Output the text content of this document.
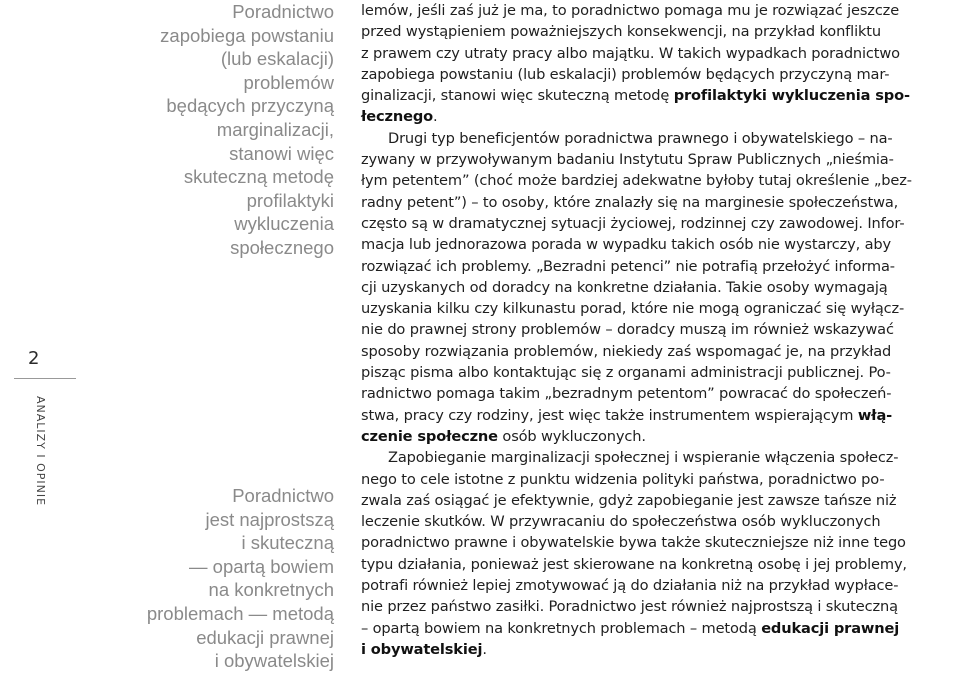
2
ANALIZY I OPINIE
Poradnictwo
zapobiega powstaniu
(lub eskalacji)
problemów
będących przyczyną
marginalizacji,
stanowi więc
skuteczną metodę
profilaktyki
wykluczenia
społecznego
Poradnictwo
jest najprostszą
i skuteczną
— opartą bowiem
na konkretnych
problemach — metodą
edukacji prawnej
i obywatelskiej
lemów, jeśli zaś już je ma, to poradnictwo pomaga mu je rozwiązać jeszcze
przed wystąpieniem poważniejszych konsekwencji, na przykład konfliktu
z prawem czy utraty pracy albo majątku. W takich wypadkach poradnictwo
zapobiega powstaniu (lub eskalacji) problemów będących przyczyną mar-
ginalizacji, stanowi więc skuteczną metodę profilaktyki wykluczenia spo-
łecznego.
Drugi typ beneficjentów poradnictwa prawnego i obywatelskiego – na-
zywany w przywoływanym badaniu Instytutu Spraw Publicznych „nieśmia-
łym petentem” (choć może bardziej adekwatne byłoby tutaj określenie „bez-
radny petent”) – to osoby, które znalazły się na marginesie społeczeństwa,
często są w dramatycznej sytuacji życiowej, rodzinnej czy zawodowej. Infor-
macja lub jednorazowa porada w wypadku takich osób nie wystarczy, aby
rozwiązać ich problemy. „Bezradni petenci” nie potrafią przełożyć informa-
cji uzyskanych od doradcy na konkretne działania. Takie osoby wymagają
uzyskania kilku czy kilkunastu porad, które nie mogą ograniczać się wyłącz-
nie do prawnej strony problemów – doradcy muszą im również wskazywać
sposoby rozwiązania problemów, niekiedy zaś wspomagać je, na przykład
pisząc pisma albo kontaktując się z organami administracji publicznej. Po-
radnictwo pomaga takim „bezradnym petentom” powracać do społeczeń-
stwa, pracy czy rodziny, jest więc także instrumentem wspierającym włą-
czenie społeczne osób wykluczonych.
Zapobieganie marginalizacji społecznej i wspieranie włączenia społecz-
nego to cele istotne z punktu widzenia polityki państwa, poradnictwo po-
zwala zaś osiągać je efektywnie, gdyż zapobieganie jest zawsze tańsze niż
leczenie skutków. W przywracaniu do społeczeństwa osób wykluczonych
poradnictwo prawne i obywatelskie bywa także skuteczniejsze niż inne tego
typu działania, ponieważ jest skierowane na konkretną osobę i jej problemy,
potrafi również lepiej zmotywować ją do działania niż na przykład wypłace-
nie przez państwo zasiłki. Poradnictwo jest również najprostszą i skuteczną
– opartą bowiem na konkretnych problemach – metodą edukacji prawnej
i obywatelskiej.
